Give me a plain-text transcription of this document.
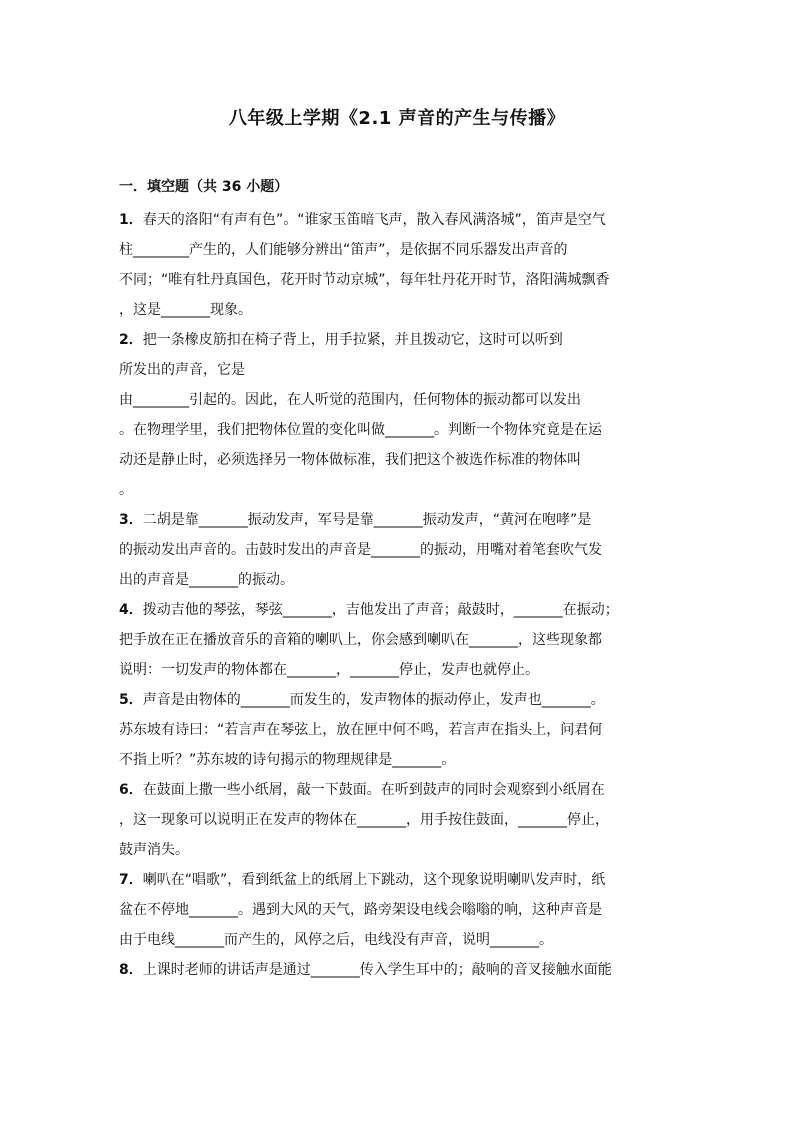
八年级上学期《2.1 声音的产生与传播》
一．填空题（共 36 小题）

1．春天的洛阳“有声有色”。“谁家玉笛暗飞声，散入春风满洛城”，笛声是空气

柱________产生的，人们能够分辨出“笛声”，是依据不同乐器发出声音的

不同；“唯有牡丹真国色，花开时节动京城”，每年牡丹花开时节，洛阳满城飘香

，这是_______现象。

2．把一条橡皮筋扣在椅子背上，用手拉紧，并且拨动它，这时可以听到

所发出的声音，它是

由________引起的。因此，在人听觉的范围内，任何物体的振动都可以发出

。在物理学里，我们把物体位置的变化叫做_______。判断一个物体究竟是在运

动还是静止时，必须选择另一物体做标准，我们把这个被选作标准的物体叫

。

3．二胡是靠_______振动发声，军号是靠_______振动发声，“黄河在咆哮”是

的振动发出声音的。击鼓时发出的声音是_______的振动，用嘴对着笔套吹气发

出的声音是_______的振动。

4．拨动吉他的琴弦，琴弦_______，吉他发出了声音；敲鼓时，_______在振动；

把手放在正在播放音乐的音箱的喇叭上，你会感到喇叭在_______，这些现象都

说明：一切发声的物体都在_______，_______停止，发声也就停止。

5．声音是由物体的_______而发生的，发声物体的振动停止，发声也_______。

苏东坡有诗曰：“若言声在琴弦上，放在匣中何不鸣，若言声在指头上，问君何

不指上听？”苏东坡的诗句揭示的物理规律是_______。

6．在鼓面上撒一些小纸屑，敲一下鼓面。在听到鼓声的同时会观察到小纸屑在

，这一现象可以说明正在发声的物体在_______，用手按住鼓面，_______停止，

鼓声消失。

7．喇叭在“唱歌”，看到纸盆上的纸屑上下跳动，这个现象说明喇叭发声时，纸

盆在不停地_______。遇到大风的天气，路旁架设电线会嗡嗡的响，这种声音是

由于电线_______而产生的，风停之后，电线没有声音，说明_______。

8．上课时老师的讲话声是通过_______传入学生耳中的；敲响的音叉接触水面能
